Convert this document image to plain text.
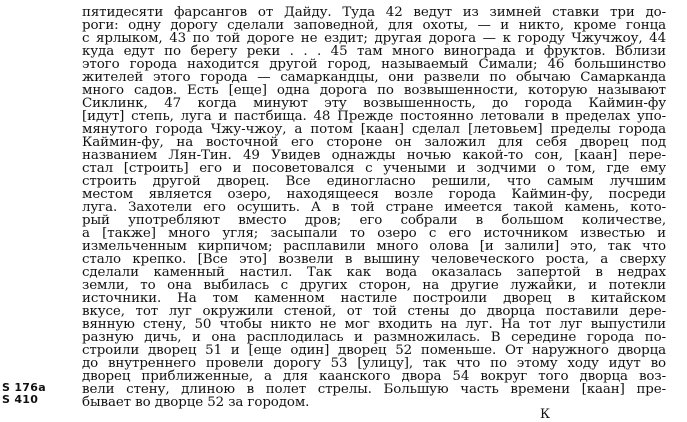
пятидесяти фарсангов от Дайду. Туда 42 ведут из зимней ставки три до-
роги: одну дорогу сделали заповедной, для охоты, — и никто, кроме гонца
с ярлыком, 43 по той дороге не ездит; другая дорога — к городу Чжучжоу, 44
куда едут по берегу реки . . . 45 там много винограда и фруктов. Вблизи
этого города находится другой город, называемый Симали; 46 большинство
жителей этого города — самаркандцы, они развели по обычаю Самарканда
много садов. Есть [еще] одна дорога по возвышенности, которую называют
Сиклинк, 47 когда минуют эту возвышенность, до города Каймин-фу
[идут] степь, луга и пастбища. 48 Прежде постоянно летовали в пределах упо-
мянутого города Чжу-чжоу, а потом [каан] сделал [летовьем] пределы города
Каймин-фу, на восточной его стороне он заложил для себя дворец под
названием Лян-Тин. 49 Увидев однажды ночью какой-то сон, [каан] пере-
стал [строить] его и посоветовался с учеными и зодчими о том, где ему
строить другой дворец. Все единогласно решили, что самым лучшим
местом является озеро, находящееся возле города Каймин-фу, посреди
луга. Захотели его осушить. А в той стране имеется такой камень, кото-
рый употребляют вместо дров; его собрали в большом количестве,
а [также] много угля; засыпали то озеро с его источником известью и
измельченным кирпичом; расплавили много олова [и залили] это, так что
стало крепко. [Все это] возвели в вышину человеческого роста, а сверху
сделали каменный настил. Так как вода оказалась запертой в недрах
земли, то она выбилась с других сторон, на другие лужайки, и потекли
источники. На том каменном настиле построили дворец в китайском
вкусе, тот луг окружили стеной, от той стены до дворца поставили дере-
вянную стену, 50 чтобы никто не мог входить на луг. На тот луг выпустили
разную дичь, и она расплодилась и размножилась. В середине города по-
строили дворец 51 и [еще один] дворец 52 поменьше. От наружного дворца
до внутреннего провели дорогу 53 [улицу], так что по этому ходу идут во
дворец приближенные, а для каанского двора 54 вокруг того дворца воз-
вели стену, длиною в полет стрелы. Большую часть времени [каан] пре-
бывает во дворце 52 за городом.
S 176a
S 410
К
